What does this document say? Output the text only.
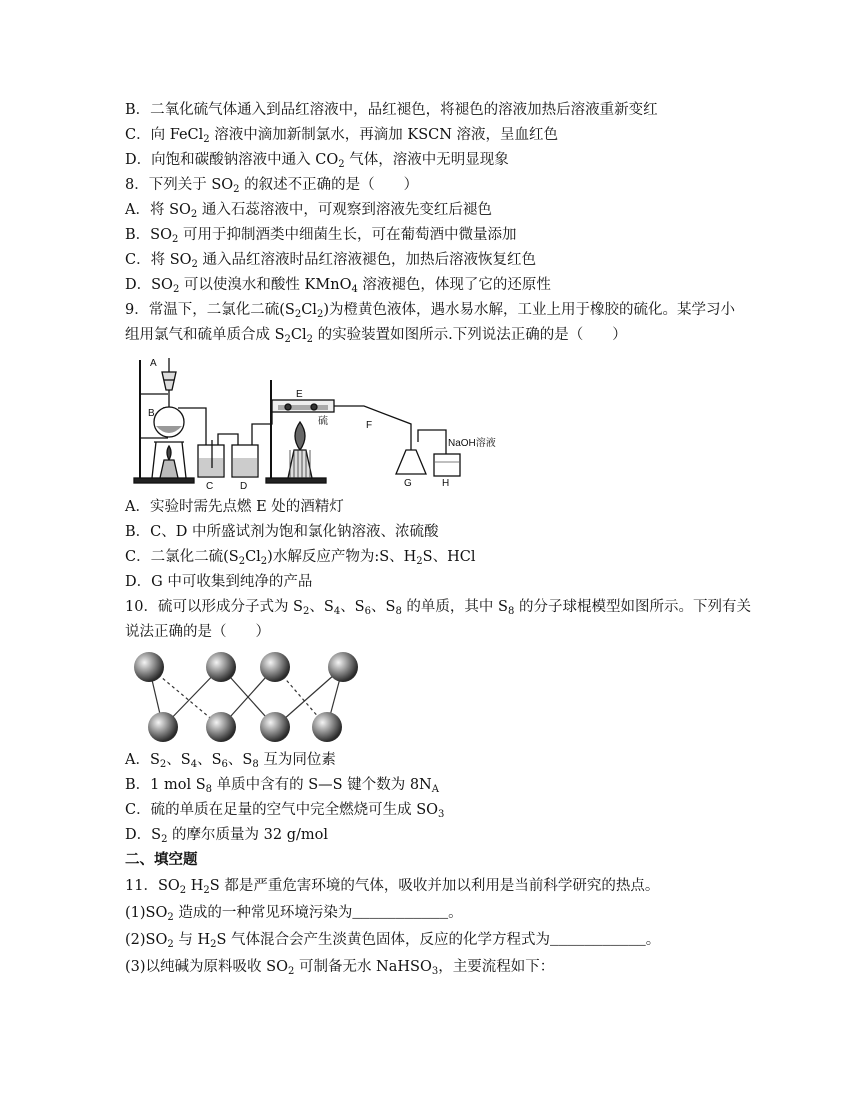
B．二氧化硫气体通入到品红溶液中，品红褪色，将褪色的溶液加热后溶液重新变红
C．向 FeCl$_2$ 溶液中滴加新制氯水，再滴加 KSCN 溶液，呈血红色
D．向饱和碳酸钠溶液中通入 $CO_2$ 气体，溶液中无明显现象
8．下列关于 $SO_2$ 的叙述不正确的是（　　）
A．将 $SO_2$ 通入石蕊溶液中，可观察到溶液先变红后褪色
B．$SO_2$ 可用于抑制酒类中细菌生长，可在葡萄酒中微量添加
C．将 $SO_2$ 通入品红溶液时品红溶液褪色，加热后溶液恢复红色
D．$SO_2$ 可以使溴水和酸性 KMnO$_4$ 溶液褪色，体现了它的还原性
9．常温下，二氯化二硫$(S_2Cl_2)$为橙黄色液体，遇水易水解，工业上用于橡胶的硫化。某学习小
组用氯气和硫单质合成 $S_2Cl_2$ 的实验装置如图所示.下列说法正确的是（　　）
A
B
C	D
E
F
G	H
硫
NaOH溶液
A．实验时需先点燃 E 处的酒精灯
B．C、D 中所盛试剂为饱和氯化钠溶液、浓硫酸
C．二氯化二硫$(S_2Cl_2)$水解反应产物为:S、$H_2S$、HCl
D．G 中可收集到纯净的产品
10．硫可以形成分子式为 $S_2$、$S_4$、$S_6$、$S_8$ 的单质，其中 $S_8$ 的分子球棍模型如图所示。下列有关
说法正确的是（　　）
A．$S_2$、$S_4$、$S_6$、$S_8$ 互为同位素
B．1 mol $S_8$ 单质中含有的 S—S 键个数为 $8N_A$
C．硫的单质在足量的空气中完全燃烧可生成 $SO_3$
D．$S_2$ 的摩尔质量为 32 g/mol
二、填空题
11．$SO_2$ $H_2S$ 都是严重危害环境的气体，吸收并加以利用是当前科学研究的热点。
$(1)SO_2$ 造成的一种常见环境污染为___________。
$(2)SO_2$ 与 $H_2S$ 气体混合会产生淡黄色固体，反应的化学方程式为___________。
(3)以纯碱为原料吸收 $SO_2$ 可制备无水 NaHSO$_3$，主要流程如下：
